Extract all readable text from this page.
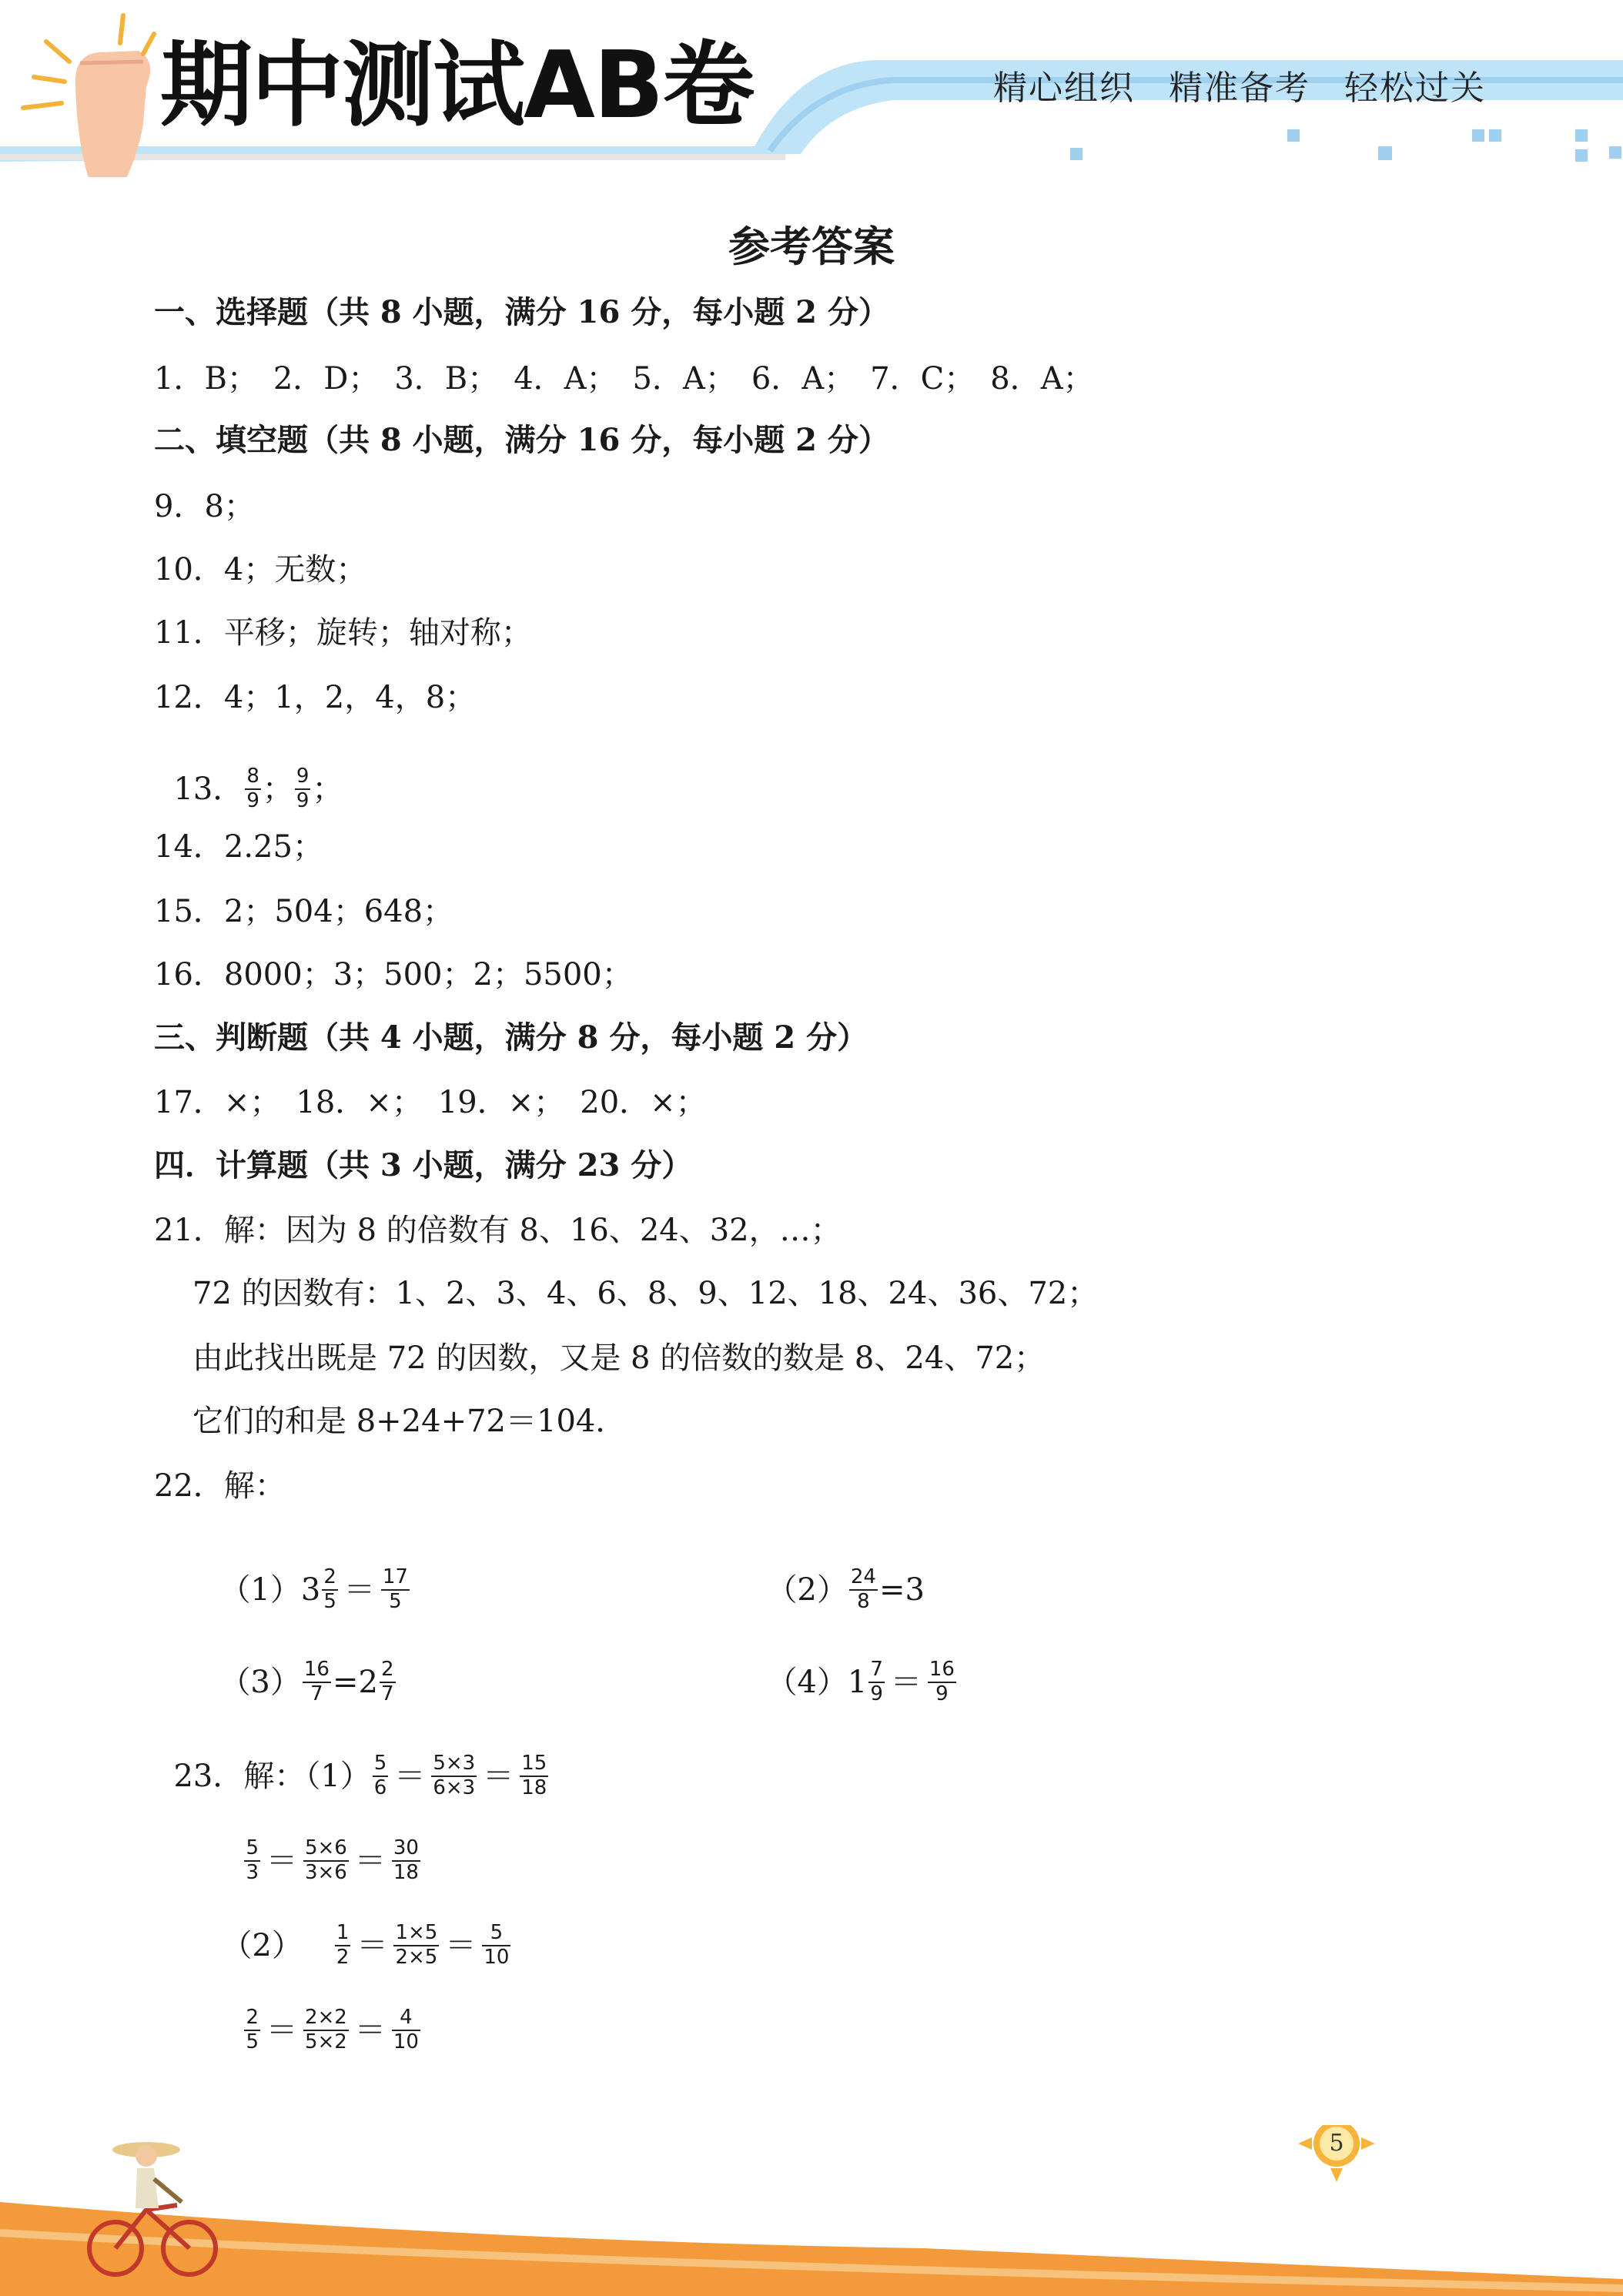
期中测试AB卷	精心组织 精准备考 轻松过关
参考答案
一、选择题（共 8 小题，满分 16 分，每小题 2 分）
1．B；　2．D；　3．B；　4．A；　5．A；　6．A；　7．C；　8．A；
二、填空题（共 8 小题，满分 16 分，每小题 2 分）
9．8；
10．4；无数；
11．平移；旋转；轴对称；
12．4；1，2，4，8；

13． $\frac{8}{9}$ ； $\frac{9}{9}$ ；

14．2.25；
15．2；504；648；
16．8000；3；500；2；5500；
三、判断题（共 4 小题，满分 8 分，每小题 2 分）
17．×；　18．×；　19．×；　20．×；
四．计算题（共 3 小题，满分 23 分）
21．解：因为 8 的倍数有 8、16、24、32，…；
72 的因数有：1、2、3、4、6、8、9、12、18、24、36、72；
由此找出既是 72 的因数，又是 8 的倍数的数是 8、24、72；
它们的和是 8+24+72＝104．
22．解：

$(1)3 \frac{2}{5} = \frac{17}{5}$	$(2) \frac{24}{8} =3$

$(3) \frac{16}{7} =2 \frac{2}{7}$	$(4)1 \frac{7}{9} = \frac{16}{9}$

23．解：$(1) \frac{5}{6} = \frac{5\times 3}{6\times 3} = \frac{15}{18}$

$\frac{5}{3} = \frac{5\times 6}{3\times 6} = \frac{30}{18}$

$(2) \frac{1}{2} = \frac{1\times 5}{2\times 5} = \frac{5}{10}$

$\frac{2}{5} = \frac{2\times 2}{5\times 2} = \frac{4}{10}$

5
